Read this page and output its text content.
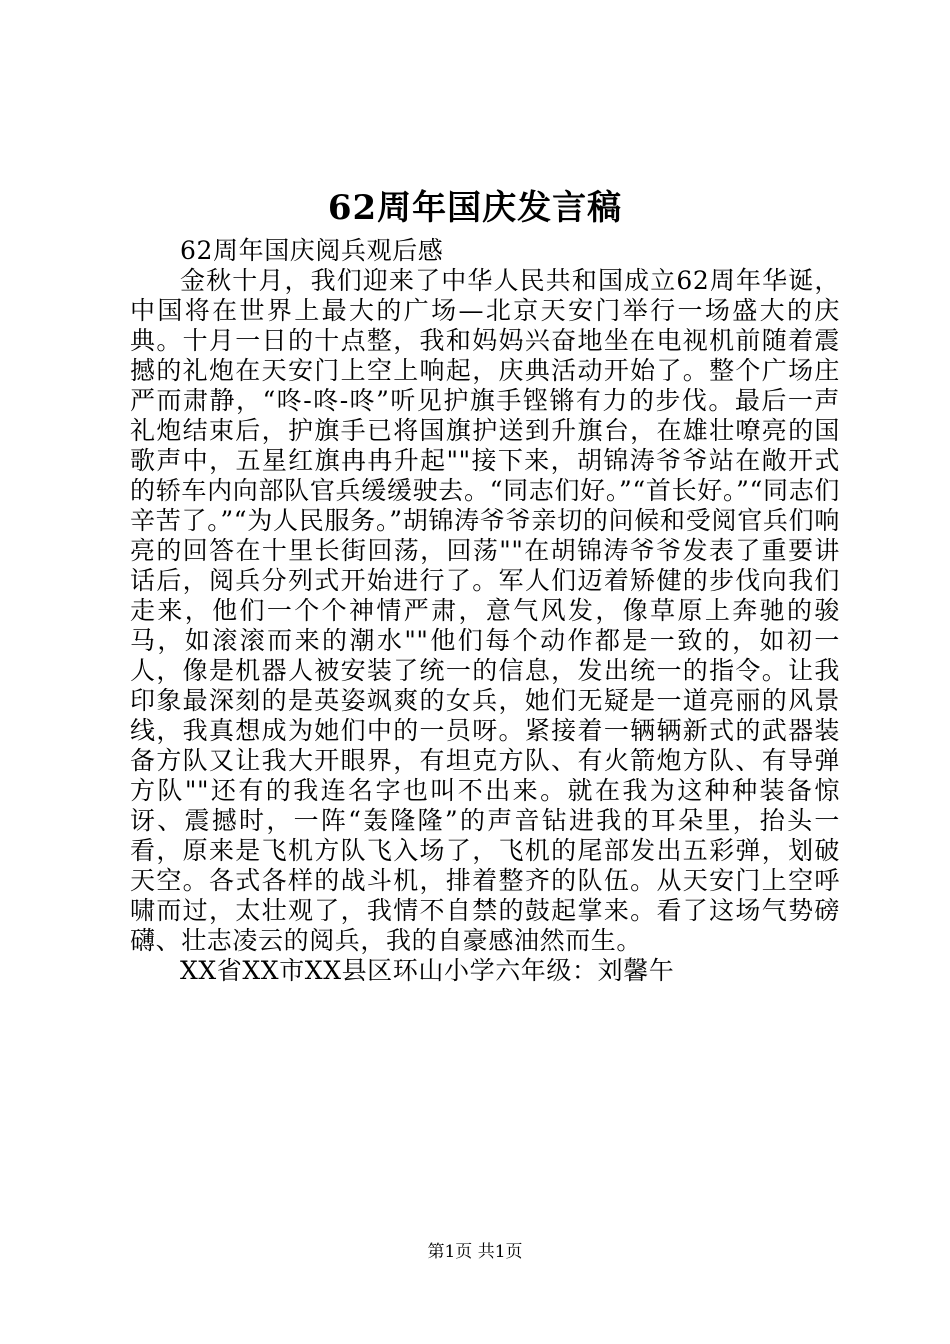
62周年国庆发言稿

62周年国庆阅兵观后感

金秋十月，我们迎来了中华人民共和国成立62周年华诞，中国将在世界上最大的广场—北京天安门举行一场盛大的庆典。十月一日的十点整，我和妈妈兴奋地坐在电视机前随着震撼的礼炮在天安门上空上响起，庆典活动开始了。整个广场庄严而肃静，“咚-咚-咚”听见护旗手铿锵有力的步伐。最后一声礼炮结束后，护旗手已将国旗护送到升旗台，在雄壮嘹亮的国歌声中，五星红旗冉冉升起""接下来，胡锦涛爷爷站在敞开式的轿车内向部队官兵缓缓驶去。“同志们好。”“首长好。”“同志们辛苦了。”“为人民服务。”胡锦涛爷爷亲切的问候和受阅官兵们响亮的回答在十里长街回荡，回荡""在胡锦涛爷爷发表了重要讲话后，阅兵分列式开始进行了。军人们迈着矫健的步伐向我们走来，他们一个个神情严肃，意气风发，像草原上奔驰的骏马，如滚滚而来的潮水""他们每个动作都是一致的，如初一人，像是机器人被安装了统一的信息，发出统一的指令。让我印象最深刻的是英姿飒爽的女兵，她们无疑是一道亮丽的风景线，我真想成为她们中的一员呀。紧接着一辆辆新式的武器装备方队又让我大开眼界，有坦克方队、有火箭炮方队、有导弹方队""还有的我连名字也叫不出来。就在我为这种种装备惊讶、震撼时，一阵“轰隆隆”的声音钻进我的耳朵里，抬头一看，原来是飞机方队飞入场了，飞机的尾部发出五彩弹，划破天空。各式各样的战斗机，排着整齐的队伍。从天安门上空呼啸而过，太壮观了，我情不自禁的鼓起掌来。看了这场气势磅礴、壮志凌云的阅兵，我的自豪感油然而生。

XX省XX市XX县区环山小学六年级：刘馨午

第1页 共1页
